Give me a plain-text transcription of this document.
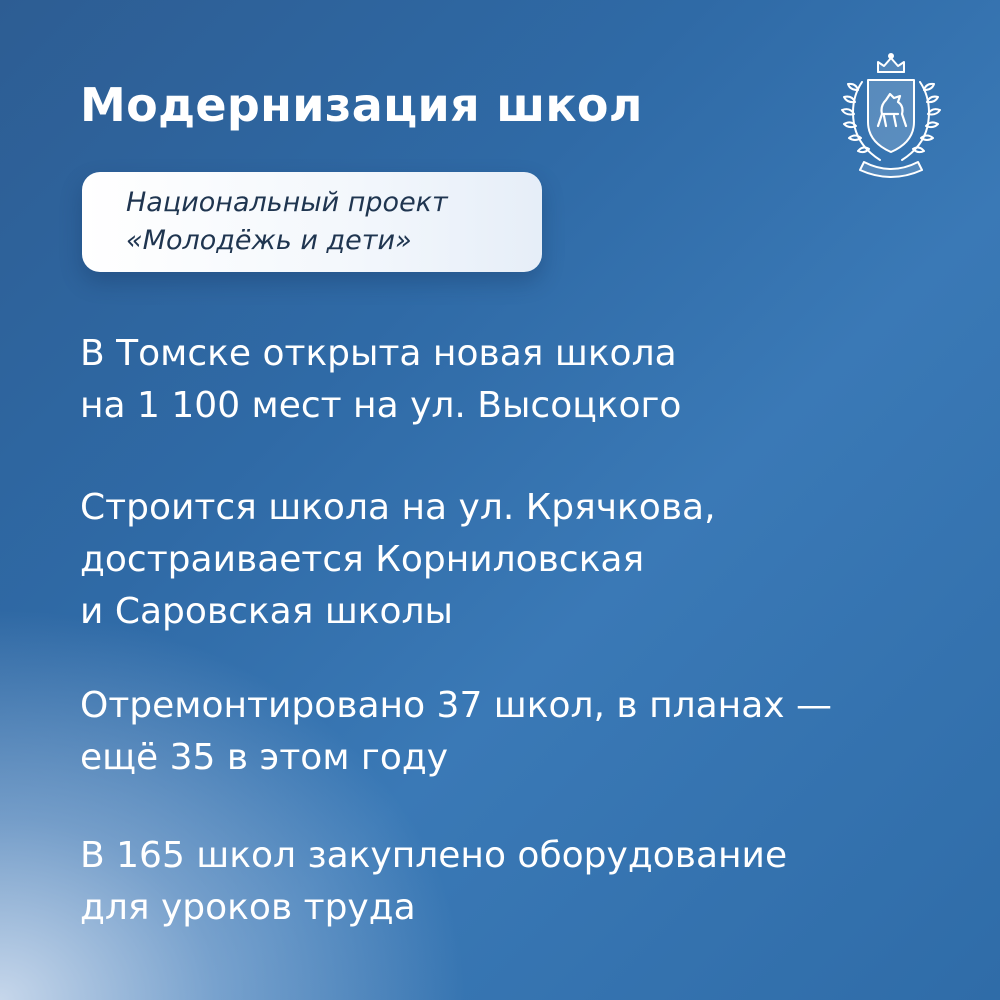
Модернизация школ
Национальный проект
«Молодёжь и дети»

В Томске открыта новая школа
на 1 100 мест на ул. Высоцкого

Строится школа на ул. Крячкова,
достраивается Корниловская
и Саровская школы

Отремонтировано 37 школ, в планах —
ещё 35 в этом году

В 165 школ закуплено оборудование
для уроков труда
